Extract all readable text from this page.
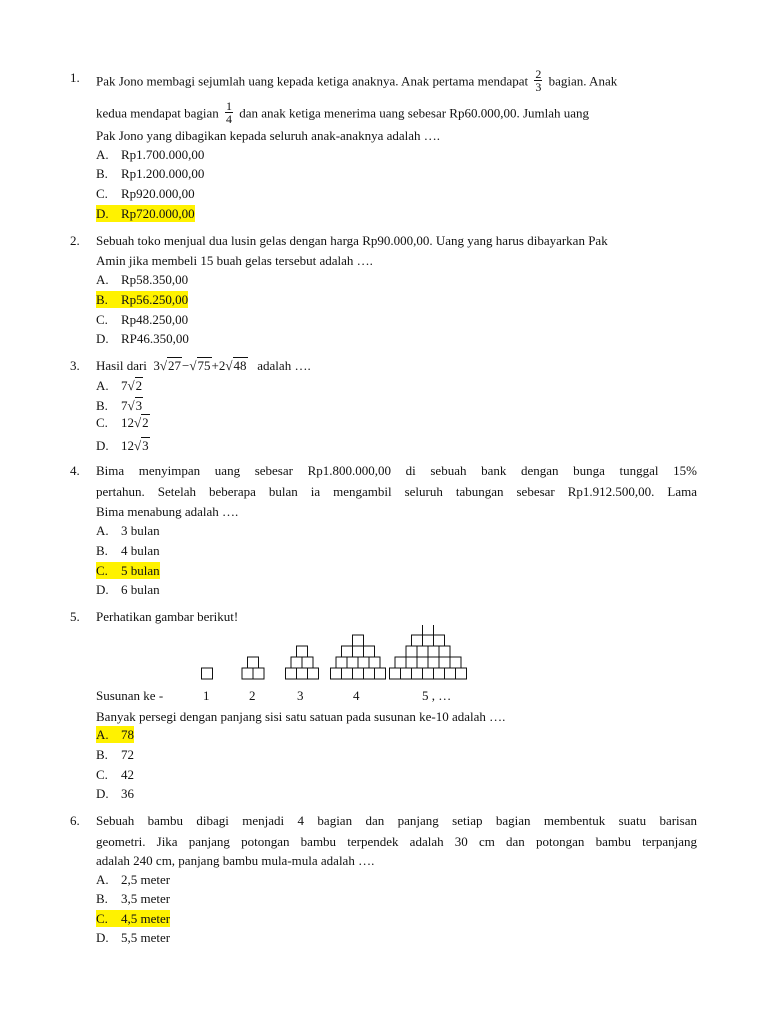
1. Pak Jono membagi sejumlah uang kepada ketiga anaknya. Anak pertama mendapat $\frac{2}{3}$ bagian. Anak
kedua mendapat bagian $\frac{1}{4}$ dan anak ketiga menerima uang sebesar Rp60.000,00. Jumlah uang
Pak Jono yang dibagikan kepada seluruh anak-anaknya adalah ….
A. Rp1.700.000,00
B. Rp1.200.000,00
C. Rp920.000,00
D. Rp720.000,00
2. Sebuah toko menjual dua lusin gelas dengan harga Rp90.000,00. Uang yang harus dibayarkan Pak
Amin jika membeli 15 buah gelas tersebut adalah ….
A. Rp58.350,00
B. Rp56.250,00
C. Rp48.250,00
D. RP46.350,00
3. Hasil dari 3√27−√75+2√48 adalah ….
A. 7√2
B. 7√3
C. 12√2
D. 12√3
4. Bima menyimpan uang sebesar Rp1.800.000,00 di sebuah bank dengan bunga tunggal 15%
pertahun. Setelah beberapa bulan ia mengambil seluruh tabungan sebesar Rp1.912.500,00. Lama
Bima menabung adalah ….
A. 3 bulan
B. 4 bulan
C. 5 bulan
D. 6 bulan
5. Perhatikan gambar berikut!
Susunan ke -	1	2	3	4	5 , …
Banyak persegi dengan panjang sisi satu satuan pada susunan ke-10 adalah ….
A. 78
B. 72
C. 42
D. 36
6. Sebuah bambu dibagi menjadi 4 bagian dan panjang setiap bagian membentuk suatu barisan
geometri. Jika panjang potongan bambu terpendek adalah 30 cm dan potongan bambu terpanjang
adalah 240 cm, panjang bambu mula-mula adalah ….
A. 2,5 meter
B. 3,5 meter
C. 4,5 meter
D. 5,5 meter
